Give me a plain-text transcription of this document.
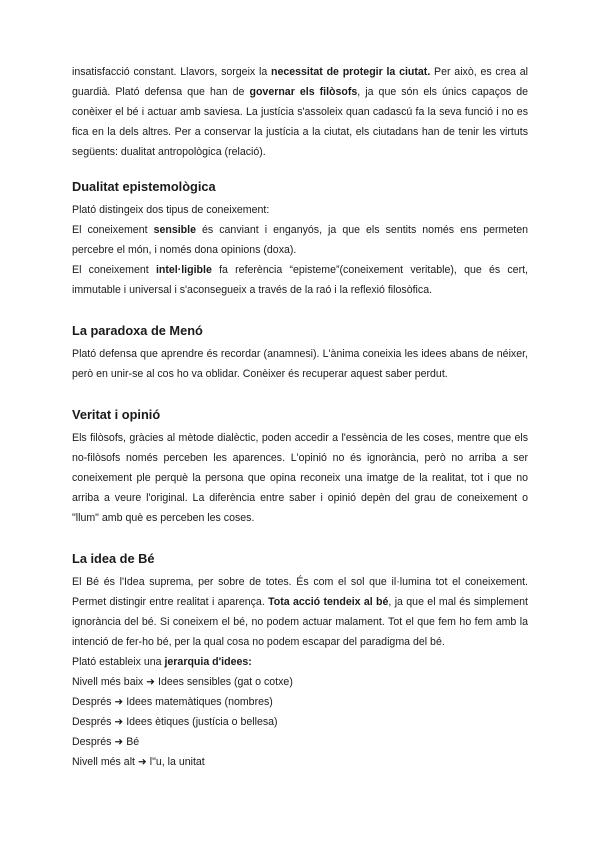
insatisfacció constant. Llavors, sorgeix la necessitat de protegir la ciutat. Per això, es crea al guardià. Plató defensa que han de governar els filòsofs, ja que són els únics capaços de conèixer el bé i actuar amb saviesa. La justícia s'assoleix quan cadascú fa la seva funció i no es fica en la dels altres. Per a conservar la justícia a la ciutat, els ciutadans han de tenir les virtuts següents: dualitat antropològica (relació).

Dualitat epistemològica

Plató distingeix dos tipus de coneixement:

El coneixement sensible és canviant i enganyós, ja que els sentits només ens permeten percebre el món, i només dona opinions (doxa).

El coneixement intel·ligible fa referència “episteme”(coneixement veritable), que és cert, immutable i universal i s'aconsegueix a través de la raó i la reflexió filosòfica.

La paradoxa de Menó

Plató defensa que aprendre és recordar (anamnesi). L'ànima coneixia les idees abans de néixer, però en unir-se al cos ho va oblidar. Conèixer és recuperar aquest saber perdut.

Veritat i opinió

Els filòsofs, gràcies al mètode dialèctic, poden accedir a l'essència de les coses, mentre que els no-filòsofs només perceben les aparences. L'opinió no és ignorància, però no arriba a ser coneixement ple perquè la persona que opina reconeix una imatge de la realitat, tot i que no arriba a veure l'original. La diferència entre saber i opinió depèn del grau de coneixement o "llum" amb què es perceben les coses.

La idea de Bé

El Bé és l'Idea suprema, per sobre de totes. És com el sol que il·lumina tot el coneixement. Permet distingir entre realitat i aparença. Tota acció tendeix al bé, ja que el mal és simplement ignorància del bé. Si coneixem el bé, no podem actuar malament. Tot el que fem ho fem amb la intenció de fer-ho bé, per la qual cosa no podem escapar del paradigma del bé.

Plató estableix una jerarquia d'idees:

Nivell més baix ➜ Idees sensibles (gat o cotxe)

Després ➜ Idees matemàtiques (nombres)

Després ➜ Idees ètiques (justícia o bellesa)

Després ➜ Bé

Nivell més alt ➜ l"u, la unitat
